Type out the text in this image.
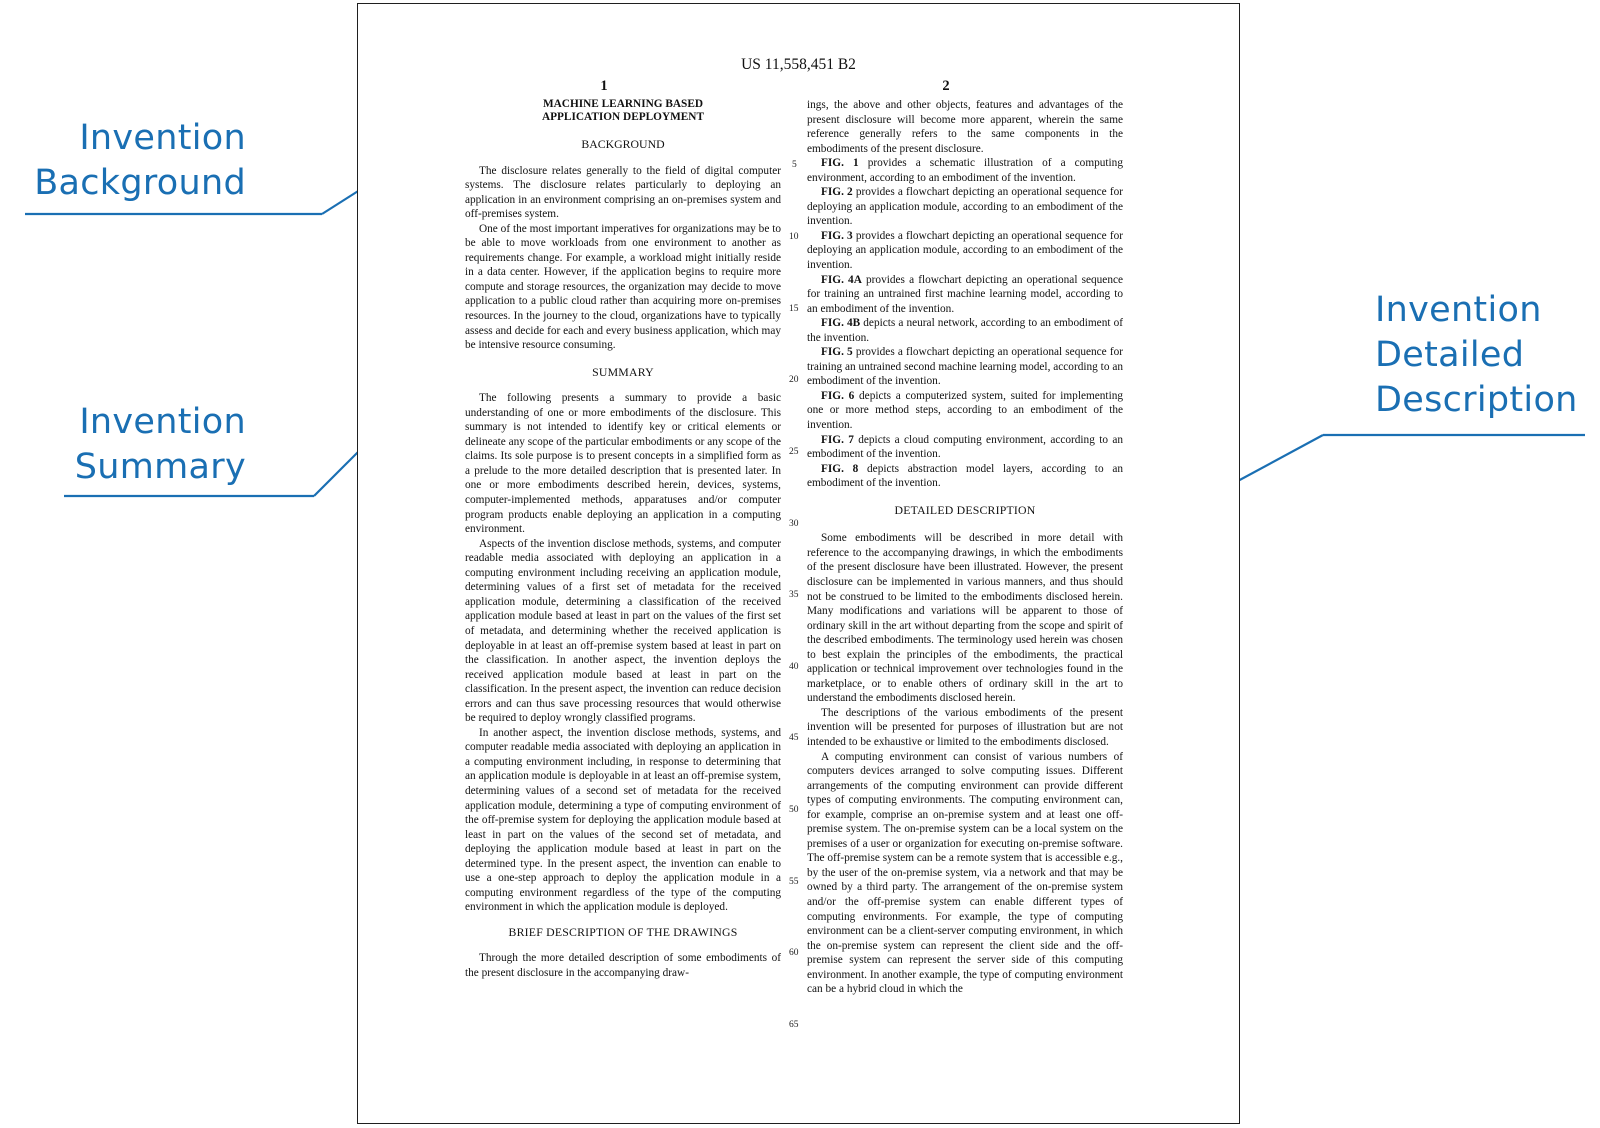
Invention
Background
Invention
Summary
Invention
Detailed
Description
US 11,558,451 B2
1	2
MACHINE LEARNING BASED
APPLICATION DEPLOYMENT
BACKGROUND

The disclosure relates generally to the field of digital computer systems. The disclosure relates particularly to deploying an application in an environment comprising an on-premises system and off-premises system.

One of the most important imperatives for organizations may be to be able to move workloads from one environment to another as requirements change. For example, a workload might initially reside in a data center. However, if the application begins to require more compute and storage resources, the organization may decide to move application to a public cloud rather than acquiring more on-premises resources. In the journey to the cloud, organizations have to typically assess and decide for each and every business application, which may be intensive resource consuming.

SUMMARY

The following presents a summary to provide a basic understanding of one or more embodiments of the disclosure. This summary is not intended to identify key or critical elements or delineate any scope of the particular embodiments or any scope of the claims. Its sole purpose is to present concepts in a simplified form as a prelude to the more detailed description that is presented later. In one or more embodiments described herein, devices, systems, computer-implemented methods, apparatuses and/or computer program products enable deploying an application in a computing environment.

Aspects of the invention disclose methods, systems, and computer readable media associated with deploying an application in a computing environment including receiving an application module, determining values of a first set of metadata for the received application module, determining a classification of the received application module based at least in part on the values of the first set of metadata, and determining whether the received application is deployable in at least an off-premise system based at least in part on the classification. In another aspect, the invention deploys the received application module based at least in part on the classification. In the present aspect, the invention can reduce decision errors and can thus save processing resources that would otherwise be required to deploy wrongly classified programs.

In another aspect, the invention disclose methods, systems, and computer readable media associated with deploying an application in a computing environment including, in response to determining that an application module is deployable in at least an off-premise system, determining values of a second set of metadata for the received application module, determining a type of computing environment of the off-premise system for deploying the application module based at least in part on the values of the second set of metadata, and deploying the application module based at least in part on the determined type. In the present aspect, the invention can enable to use a one-step approach to deploy the application module in a computing environment regardless of the type of the computing environment in which the application module is deployed.

BRIEF DESCRIPTION OF THE DRAWINGS

Through the more detailed description of some embodiments of the present disclosure in the accompanying draw-

ings, the above and other objects, features and advantages of the present disclosure will become more apparent, wherein the same reference generally refers to the same components in the embodiments of the present disclosure.

FIG. 1 provides a schematic illustration of a computing environment, according to an embodiment of the invention.

FIG. 2 provides a flowchart depicting an operational sequence for deploying an application module, according to an embodiment of the invention.

FIG. 3 provides a flowchart depicting an operational sequence for deploying an application module, according to an embodiment of the invention.

FIG. 4A provides a flowchart depicting an operational sequence for training an untrained first machine learning model, according to an embodiment of the invention.

FIG. 4B depicts a neural network, according to an embodiment of the invention.

FIG. 5 provides a flowchart depicting an operational sequence for training an untrained second machine learning model, according to an embodiment of the invention.

FIG. 6 depicts a computerized system, suited for implementing one or more method steps, according to an embodiment of the invention.

FIG. 7 depicts a cloud computing environment, according to an embodiment of the invention.

FIG. 8 depicts abstraction model layers, according to an embodiment of the invention.

DETAILED DESCRIPTION

Some embodiments will be described in more detail with reference to the accompanying drawings, in which the embodiments of the present disclosure have been illustrated. However, the present disclosure can be implemented in various manners, and thus should not be construed to be limited to the embodiments disclosed herein. Many modifications and variations will be apparent to those of ordinary skill in the art without departing from the scope and spirit of the described embodiments. The terminology used herein was chosen to best explain the principles of the embodiments, the practical application or technical improvement over technologies found in the marketplace, or to enable others of ordinary skill in the art to understand the embodiments disclosed herein.

The descriptions of the various embodiments of the present invention will be presented for purposes of illustration but are not intended to be exhaustive or limited to the embodiments disclosed.

A computing environment can consist of various numbers of computers devices arranged to solve computing issues. Different arrangements of the computing environment can provide different types of computing environments. The computing environment can, for example, comprise an on-premise system and at least one off-premise system. The on-premise system can be a local system on the premises of a user or organization for executing on-premise software. The off-premise system can be a remote system that is accessible e.g., by the user of the on-premise system, via a network and that may be owned by a third party. The arrangement of the on-premise system and/or the off-premise system can enable different types of computing environments. For example, the type of computing environment can be a client-server computing environment, in which the on-premise system can represent the client side and the off-premise system can represent the server side of this computing environment. In another example, the type of computing environment can be a hybrid cloud in which the

5
10
15
20
25
30
35
40
45
50
55
60
65
